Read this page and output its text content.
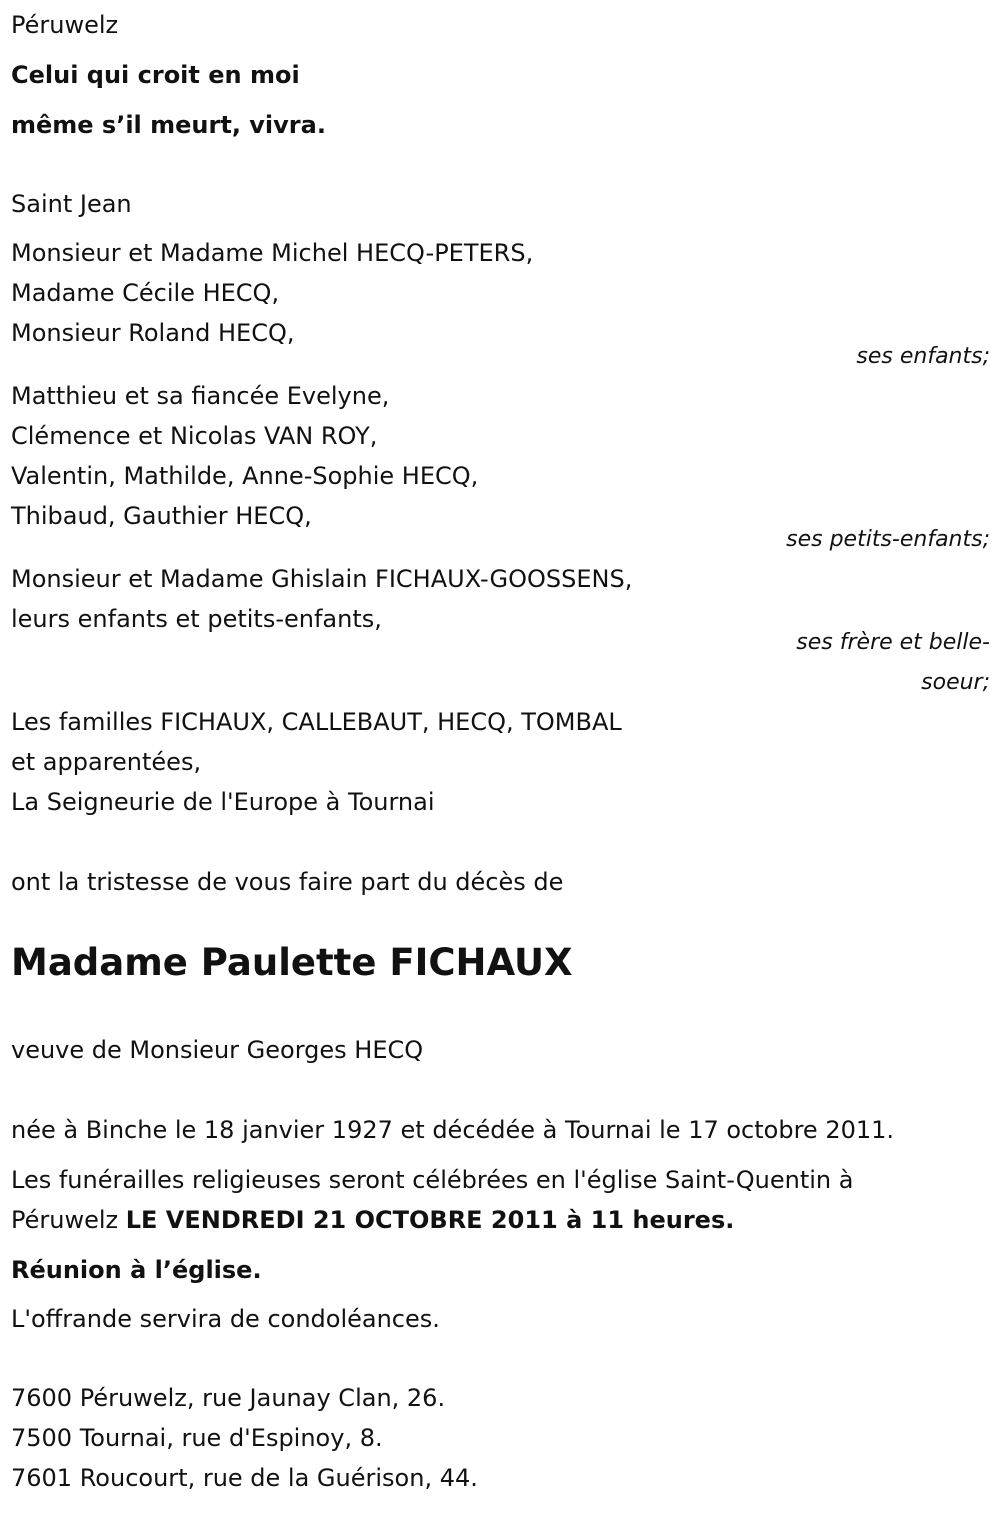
Péruwelz
Celui qui croit en moi
même s’il meurt, vivra.
Saint Jean
Monsieur et Madame Michel HECQ-PETERS,
Madame Cécile HECQ,
Monsieur Roland HECQ,
ses enfants;
Matthieu et sa fiancée Evelyne,
Clémence et Nicolas VAN ROY,
Valentin, Mathilde, Anne-Sophie HECQ,
Thibaud, Gauthier HECQ,
ses petits-enfants;
Monsieur et Madame Ghislain FICHAUX-GOOSSENS,
leurs enfants et petits-enfants,
ses frère et belle-
soeur;
Les familles FICHAUX, CALLEBAUT, HECQ, TOMBAL
et apparentées,
La Seigneurie de l'Europe à Tournai
ont la tristesse de vous faire part du décès de
Madame Paulette FICHAUX
veuve de Monsieur Georges HECQ
née à Binche le 18 janvier 1927 et décédée à Tournai le 17 octobre 2011.
Les funérailles religieuses seront célébrées en l'église Saint-Quentin à
Péruwelz LE VENDREDI 21 OCTOBRE 2011 à 11 heures.
Réunion à l’église.
L'offrande servira de condoléances.
7600 Péruwelz, rue Jaunay Clan, 26.
7500 Tournai, rue d'Espinoy, 8.
7601 Roucourt, rue de la Guérison, 44.
